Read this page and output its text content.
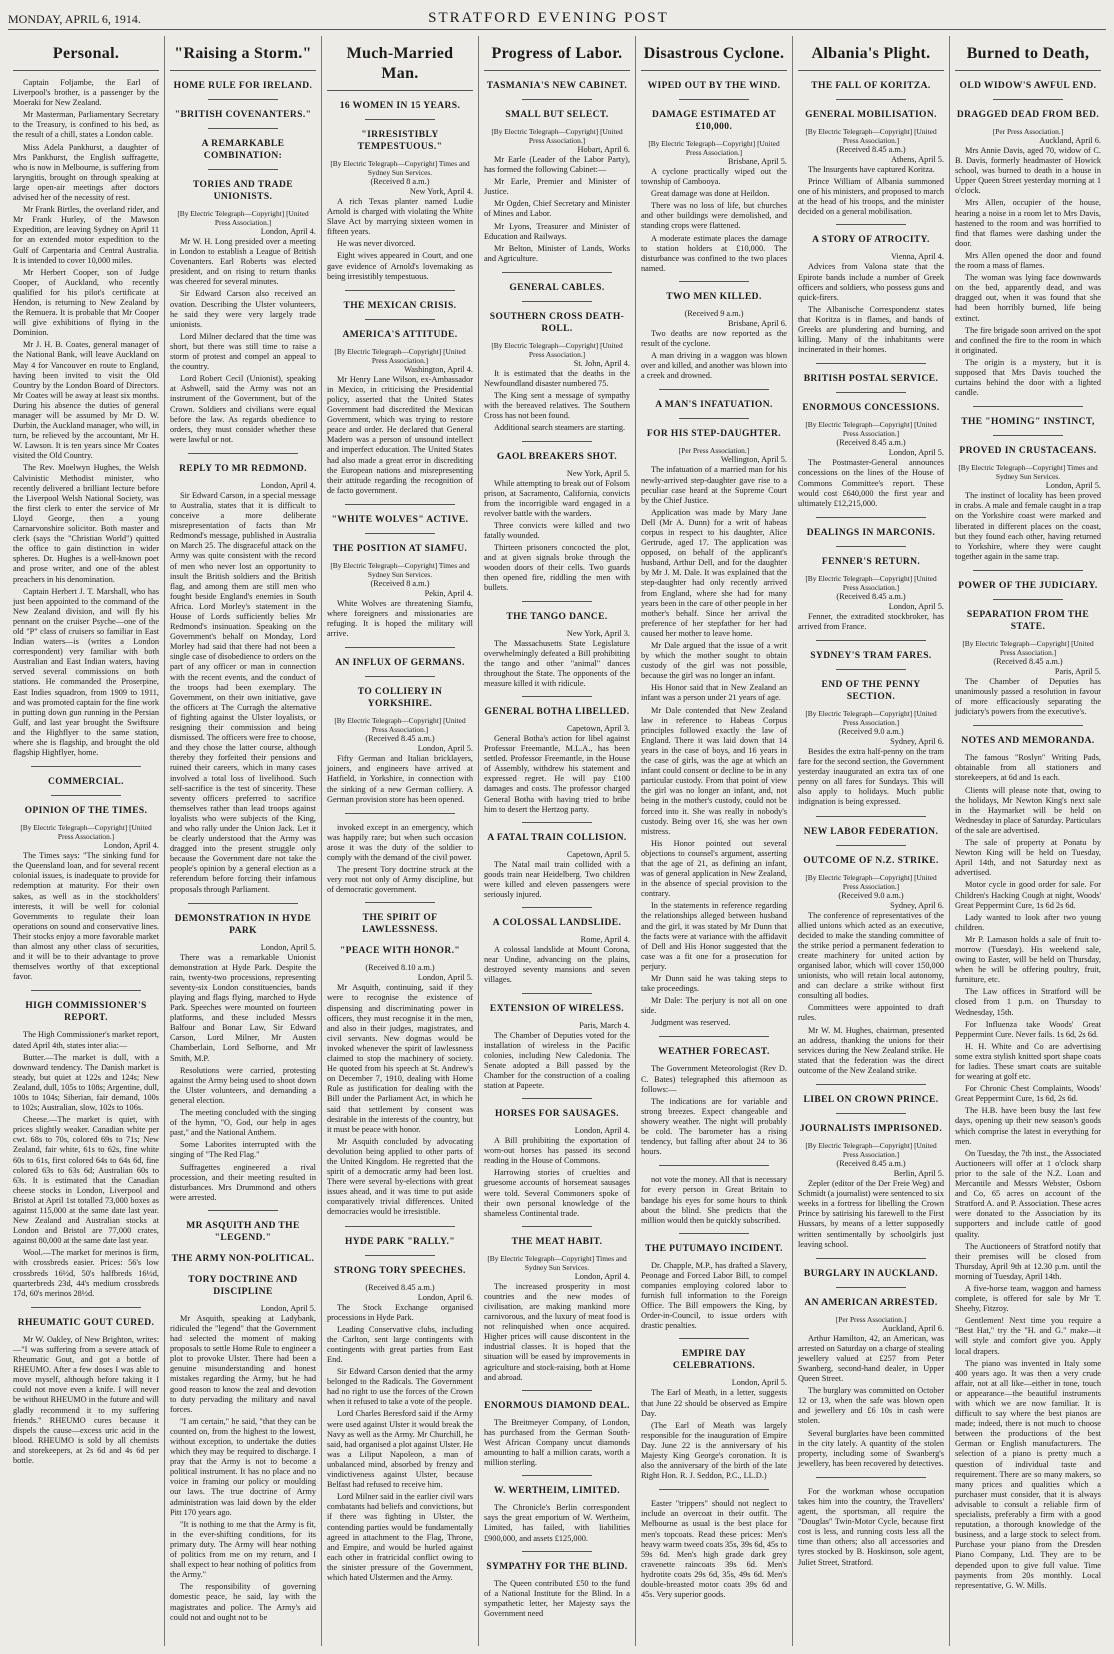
MONDAY, APRIL 6, 1914.	STRATFORD EVENING POST
Personal.
Captain Foljambe, the Earl of Liverpool's brother, is a passenger by the Moeraki for New Zealand.
Mr Masterman, Parliamentary Secretary to the Treasury, is confined to his bed, as the result of a chill, states a London cable.
Miss Adela Pankhurst, a daughter of Mrs Pankhurst, the English suffragette, who is now in Melbourne, is suffering from laryngitis, brought on through speaking at large open-air meetings after doctors advised her of the necessity of rest.
Mr Frank Birtles, the overland rider, and Mr Frank Hurley, of the Mawson Expedition, are leaving Sydney on April 11 for an extended motor expedition to the Gulf of Carpentaria and Central Australia. It is intended to cover 10,000 miles.
Mr Herbert Cooper, son of Judge Cooper, of Auckland, who recently qualified for his pilot's certificate at Hendon, is returning to New Zealand by the Remuera. It is probable that Mr Cooper will give exhibitions of flying in the Dominion.
Mr J. H. B. Coates, general manager of the National Bank, will leave Auckland on May 4 for Vancouver en route to England, having been invited to visit the Old Country by the London Board of Directors. Mr Coates will be away at least six months. During his absence the duties of general manager will be assumed by Mr D. W. Durbin, the Auckland manager, who will, in turn, be relieved by the accountant, Mr H. W. Lawson. It is ten years since Mr Coates visited the Old Country.
The Rev. Moelwyn Hughes, the Welsh Calvinistic Methodist minister, who recently delivered a brilliant lecture before the Liverpool Welsh National Society, was the first clerk to enter the service of Mr Lloyd George, then a young Carnarvonshire solicitor. Both master and clerk (says the "Christian World") quitted the office to gain distinction in wider spheres. Dr. Hughes is a well-known poet and prose writer, and one of the ablest preachers in his denomination.
Captain Herbert J. T. Marshall, who has just been appointed to the command of the New Zealand division, and will fly his pennant on the cruiser Psyche—one of the old "P" class of cruisers so familiar in East Indian waters—is (writes a London correspondent) very familiar with both Australian and East Indian waters, having served several commissions on both stations. He commanded the Proserpine, East Indies squadron, from 1909 to 1911, and was promoted captain for the fine work in putting down gun running in the Persian Gulf, and last year brought the Swiftsure and the Highflyer to the same station, where she is flagship, and brought the old flagship Highflyer, home.
COMMERCIAL.
OPINION OF THE TIMES.
[By Electric Telegraph—Copyright] [United Press Association.]
London, April 4.
The Times says: "The sinking fund for the Queensland loan, and for several recent colonial issues, is inadequate to provide for redemption at maturity. For their own sakes, as well as in the stockholders' interests, it will be well for colonial Governments to regulate their loan operations on sound and conservative lines. Their stocks enjoy a more favorable market than almost any other class of securities, and it will be to their advantage to prove themselves worthy of that exceptional favor.
HIGH COMMISSIONER'S REPORT.
The High Commissioner's market report, dated April 4th, states inter alia:—
Butter.—The market is dull, with a downward tendency. The Danish market is steady, but quiet at 122s and 124s; New Zealand, dull, 105s to 108s; Argentine, dull, 100s to 104s; Siberian, fair demand, 100s to 102s; Australian, slow, 102s to 106s.
Cheese.—The market is quiet, with prices slightly weaker. Canadian white per cwt. 68s to 70s, colored 69s to 71s; New Zealand, fair white, 61s to 62s, fine white 60s to 61s, first colored 64s to 64s 6d, fine colored 63s to 63s 6d; Australian 60s to 63s. It is estimated that the Canadian cheese stocks in London, Liverpool and Bristol at April 1st totalled 73,000 boxes as against 115,000 at the same date last year. New Zealand and Australian stocks at London and Bristol are 77,000 crates, against 80,000 at the same date last year.
Wool.—The market for merinos is firm, with crossbreds easier. Prices: 56's low crossbreds 16½d, 50's halfbreds 16½d, quarterbreds 23d, 44's medium crossbreds 17d, 60's merinos 28½d.
RHEUMATIC GOUT CURED.
Mr W. Oakley, of New Brighton, writes:—"I was suffering from a severe attack of Rheumatic Gout, and got a bottle of RHEUMO. After a few doses I was able to move myself, although before taking it I could not move even a knife. I will never be without RHEUMO in the future and will gladly recommend it to my suffering friends." RHEUMO cures because it dispels the cause—excess uric acid in the blood. RHEUMO is sold by all chemists and storekeepers, at 2s 6d and 4s 6d per bottle.
"Raising a Storm."
HOME RULE FOR IRELAND.
"BRITISH COVENANTERS."
A REMARKABLE COMBINATION:
TORIES AND TRADE UNIONISTS.
[By Electric Telegraph—Copyright] [United Press Association.]
London, April 4.
Mr W. H. Long presided over a meeting in London to establish a League of British Covenanters. Earl Roberts was elected president, and on rising to return thanks was cheered for several minutes.
Sir Edward Carson also received an ovation. Describing the Ulster volunteers, he said they were very largely trade unionists.
Lord Milner declared that the time was short, but there was still time to raise a storm of protest and compel an appeal to the country.
Lord Robert Cecil (Unionist), speaking at Ashwell, said the Army was not an instrument of the Government, but of the Crown. Soldiers and civilians were equal before the law. As regards obedience to orders, they must consider whether these were lawful or not.
REPLY TO MR REDMOND.
London, April 4.
Sir Edward Carson, in a special message to Australia, states that it is difficult to conceive a more deliberate misrepresentation of facts than Mr Redmond's message, published in Australia on March 25. The disgraceful attack on the Army was quite consistent with the record of men who never lost an opportunity to insult the British soldiers and the British flag, and among them are still men who fought beside England's enemies in South Africa. Lord Morley's statement in the House of Lords sufficiently belies Mr Redmond's insinuation. Speaking on the Government's behalf on Monday, Lord Morley had said that there had not been a single case of disobedience to orders on the part of any officer or man in connection with the recent events, and the conduct of the troops had been exemplary. The Government, on their own initiative, gave the officers at The Curragh the alternative of fighting against the Ulster loyalists, or resigning their commission and being dismissed. The officers were free to choose, and they chose the latter course, although thereby they forfeited their pensions and ruined their careers, which in many cases involved a total loss of livelihood. Such self-sacrifice is the test of sincerity. These seventy officers preferred to sacrifice themselves rather than lead troops against loyalists who were subjects of the King, and who rally under the Union Jack. Let it be clearly understood that the Army was dragged into the present struggle only because the Government dare not take the people's opinion by a general election as a referendum before forcing their infamous proposals through Parliament.
DEMONSTRATION IN HYDE PARK
London, April 5.
There was a remarkable Unionist demonstration at Hyde Park. Despite the rain, twenty-two processions, representing seventy-six London constituencies, bands playing and flags flying, marched to Hyde Park. Speeches were mounted on fourteen platforms, and these included Messrs Balfour and Bonar Law, Sir Edward Carson, Lord Milner, Mr Austen Chamberlain, Lord Selborne, and Mr Smith, M.P.
Resolutions were carried, protesting against the Army being used to shoot down the Ulster volunteers, and demanding a general election.
The meeting concluded with the singing of the hymn, "O, God, our help in ages past," and the National Anthem.
Some Laborites interrupted with the singing of "The Red Flag."
Suffragettes engineered a rival procession, and their meeting resulted in disturbances. Mrs Drummond and others were arrested.
MR ASQUITH AND THE "LEGEND."
THE ARMY NON-POLITICAL.
TORY DOCTRINE AND DISCIPLINE
London, April 5.
Mr Asquith, speaking at Ladybank, ridiculed the "legend" that the Government had selected the moment of making proposals to settle Home Rule to engineer a plot to provoke Ulster. There had been a genuine misunderstanding and honest mistakes regarding the Army, but he had good reason to know the zeal and devotion to duty pervading the military and naval forces.
"I am certain," he said, "that they can be counted on, from the highest to the lowest, without exception, to undertake the duties which they may be required to discharge. I pray that the Army is not to become a political instrument. It has no place and no voice in framing our policy or moulding our laws. The true doctrine of Army administration was laid down by the elder Pitt 170 years ago.
"It is nothing to me that the Army is fit, in the ever-shifting conditions, for its primary duty. The Army will hear nothing of politics from me on my return, and I shall expect to hear nothing of politics from the Army."
The responsibility of governing domestic peace, he said, lay with the magistrates and police. The Army's aid could not and ought not to be
Much-Married Man.
16 WOMEN IN 15 YEARS.
"IRRESISTIBLY TEMPESTUOUS."
[By Electric Telegraph—Copyright] Times and Sydney Sun Services.
(Received 8 a.m.)
New York, April 4.
A rich Texas planter named Ludie Arnold is charged with violating the White Slave Act by marrying sixteen women in fifteen years.
He was never divorced.
Eight wives appeared in Court, and one gave evidence of Arnold's lovemaking as being irresistibly tempestuous.
THE MEXICAN CRISIS.
AMERICA'S ATTITUDE.
[By Electric Telegraph—Copyright] [United Press Association.]
Washington, April 4.
Mr Henry Lane Wilson, ex-Ambassador in Mexico, in criticising the Presidential policy, asserted that the United States Government had discredited the Mexican Government, which was trying to restore peace and order. He declared that General Madero was a person of unsound intellect and imperfect education. The United States had also made a great error in discrediting the European nations and misrepresenting their attitude regarding the recognition of de facto government.
"WHITE WOLVES" ACTIVE.
THE POSITION AT SIAMFU.
[By Electric Telegraph—Copyright] Times and Sydney Sun Services.
(Received 8 a.m.)
Pekin, April 4.
White Wolves are threatening Siamfu, where foreigners and missionaries are refuging. It is hoped the military will arrive.
AN INFLUX OF GERMANS.
TO COLLIERY IN YORKSHIRE.
[By Electric Telegraph—Copyright] [United Press Association.]
(Received 8.45 a.m.)
London, April 5.
Fifty German and Italian bricklayers, joiners, and engineers have arrived at Hatfield, in Yorkshire, in connection with the sinking of a new German colliery. A German provision store has been opened.
invoked except in an emergency, which was happily rare; but when such occasion arose it was the duty of the soldier to comply with the demand of the civil power.
The present Tory doctrine struck at the very root not only of Army discipline, but of democratic government.
THE SPIRIT OF LAWLESSNESS.
"PEACE WITH HONOR."
(Received 8.10 a.m.)
London, April 5.
Mr Asquith, continuing, said if they were to recognise the existence of dispensing and discriminating power in officers, they must recognise it in the men, and also in their judges, magistrates, and civil servants. New dogmas would be invoked whenever the spirit of lawlessness claimed to stop the machinery of society. He quoted from his speech at St. Andrew's on December 7, 1910, dealing with Home Rule as justification for dealing with the Bill under the Parliament Act, in which he said that settlement by consent was desirable in the interests of the country, but it must be peace with honor.
Mr Asquith concluded by advocating devolution being applied to other parts of the United Kingdom. He regretted that the spirit of a democratic army had been lost. There were several by-elections with great issues ahead, and it was time to put aside comparatively trivial differences. United democracies would be irresistible.
HYDE PARK "RALLY."
STRONG TORY SPEECHES.
(Received 8.45 a.m.)
London, April 6.
The Stock Exchange organised processions in Hyde Park.
Leading Conservative clubs, including the Carlton, sent large contingents with contingents with great parties from East End.
Sir Edward Carson denied that the army belonged to the Radicals. The Government had no right to use the forces of the Crown when it refused to take a vote of the people.
Lord Charles Beresford said if the Army were used against Ulster it would break the Navy as well as the Army. Mr Churchill, he said, had organised a plot against Ulster. He was a Liliput Napoleon, a man of unbalanced mind, absorbed by frenzy and vindictiveness against Ulster, because Belfast had refused to receive him.
Lord Milner said in the earlier civil wars combatants had beliefs and convictions, but if there was fighting in Ulster, the contending parties would be fundamentally agreed in attachment to the Flag, Throne, and Empire, and would be hurled against each other in fratricidal conflict owing to the sinister pressure of the Government, which hated Ulstermen and the Army.
Progress of Labor.
TASMANIA'S NEW CABINET.
SMALL BUT SELECT.
[By Electric Telegraph—Copyright] [United Press Association.]
Hobart, April 6.
Mr Earle (Leader of the Labor Party), has formed the following Cabinet:—
Mr Earle, Premier and Minister of Justice.
Mr Ogden, Chief Secretary and Minister of Mines and Labor.
Mr Lyons, Treasurer and Minister of Education and Railways.
Mr Belton, Minister of Lands, Works and Agriculture.
GENERAL CABLES.
SOUTHERN CROSS DEATH-ROLL.
[By Electric Telegraph—Copyright] [United Press Association.]
St. John, April 4.
It is estimated that the deaths in the Newfoundland disaster numbered 75.
The King sent a message of sympathy with the bereaved relatives. The Southern Cross has not been found.
Additional search steamers are starting.
GAOL BREAKERS SHOT.
New York, April 5.
While attempting to break out of Folsom prison, at Sacramento, California, convicts from the incorrigible ward engaged in a revolver battle with the warders.
Three convicts were killed and two fatally wounded.
Thirteen prisoners concocted the plot, and at given signals broke through the wooden doors of their cells. Two guards then opened fire, riddling the men with bullets.
THE TANGO DANCE.
New York, April 3.
The Massachusetts State Legislature overwhelmingly defeated a Bill prohibiting the tango and other "animal" dances throughout the State. The opponents of the measure killed it with ridicule.
GENERAL BOTHA LIBELLED.
Capetown, April 3.
General Botha's action for libel against Professor Freemantle, M.L.A., has been settled. Professor Freemantle, in the House of Assembly, withdrew his statement and expressed regret. He will pay £100 damages and costs. The professor charged General Botha with having tried to bribe him to desert the Hertzog party.
A FATAL TRAIN COLLISION.
Capetown, April 5.
The Natal mail train collided with a goods train near Heidelberg. Two children were killed and eleven passengers were seriously injured.
A COLOSSAL LANDSLIDE.
Rome, April 4.
A colossal landslide at Mount Corona, near Undine, advancing on the plains, destroyed seventy mansions and seven villages.
EXTENSION OF WIRELESS.
Paris, March 4.
The Chamber of Deputies voted for the installation of wireless in the Pacific colonies, including New Caledonia. The Senate adopted a Bill passed by the Chamber for the construction of a coaling station at Papeete.
HORSES FOR SAUSAGES.
London, April 4.
A Bill prohibiting the exportation of worn-out horses has passed its second reading in the House of Commons.
Harrowing stories of cruelties and gruesome accounts of horsemeat sausages were told. Several Commoners spoke of their own personal knowledge of the shameless Continental trade.
THE MEAT HABIT.
[By Electric Telegraph—Copyright] Times and Sydney Sun Services.
London, April 4.
The increased prosperity in most countries and the new modes of civilisation, are making mankind more carnivorous, and the luxury of meat food is not relinquished when once acquired. Higher prices will cause discontent in the industrial classes. It is hoped that the situation will be eased by improvements in agriculture and stock-raising, both at Home and abroad.
ENORMOUS DIAMOND DEAL.
The Breitmeyer Company, of London, has purchased from the German South-West African Company uncut diamonds amounting to half a million carats, worth a million sterling.
W. WERTHEIM, LIMITED.
The Chronicle's Berlin correspondent says the great emporium of W. Wertheim, Limited, has failed, with liabilities £900,000, and assets £125,000.
SYMPATHY FOR THE BLIND.
The Queen contributed £50 to the fund of a National Institute for the Blind. In a sympathetic letter, her Majesty says the Government need
Disastrous Cyclone.
WIPED OUT BY THE WIND.
DAMAGE ESTIMATED AT £10,000.
[By Electric Telegraph—Copyright] [United Press Association.]
Brisbane, April 5.
A cyclone practically wiped out the township of Cambooya.
Great damage was done at Heildon.
There was no loss of life, but churches and other buildings were demolished, and standing crops were flattened.
A moderate estimate places the damage to station holders at £10,000. The disturbance was confined to the two places named.
TWO MEN KILLED.
(Received 9 a.m.)
Brisbane, April 6.
Two deaths are now reported as the result of the cyclone.
A man driving in a waggon was blown over and killed, and another was blown into a creek and drowned.
A MAN'S INFATUATION.
FOR HIS STEP-DAUGHTER.
[Per Press Association.]
Wellington, April 5.
The infatuation of a married man for his newly-arrived step-daughter gave rise to a peculiar case heard at the Supreme Court by the Chief Justice.
Application was made by Mary Jane Dell (Mr A. Dunn) for a writ of habeas corpus in respect to his daughter, Alice Gertrude, aged 17. The application was opposed, on behalf of the applicant's husband, Arthur Dell, and for the daughter by Mr J. M. Dale. It was explained that the step-daughter had only recently arrived from England, where she had for many years been in the care of other people in her mother's behalf. Since her arrival the preference of her stepfather for her had caused her mother to leave home.
Mr Dale argued that the issue of a writ by which the mother sought to obtain custody of the girl was not possible, because the girl was no longer an infant.
His Honor said that in New Zealand an infant was a person under 21 years of age.
Mr Dale contended that New Zealand law in reference to Habeas Corpus principles followed exactly the law of England. There it was laid down that 14 years in the case of boys, and 16 years in the case of girls, was the age at which an infant could consent or decline to be in any particular custody. From that point of view the girl was no longer an infant, and, not being in the mother's custody, could not be forced into it. She was really in nobody's custody. Being over 16, she was her own mistress.
His Honor pointed out several objections to counsel's argument, asserting that the age of 21, as defining an infant, was of general application in New Zealand, in the absence of special provision to the contrary.
In the statements in reference regarding the relationships alleged between husband and the girl, it was stated by Mr Dunn that the facts were at variance with the affidavit of Dell and His Honor suggested that the case was a fit one for a prosecution for perjury.
Mr Dunn said he was taking steps to take proceedings.
Mr Dale: The perjury is not all on one side.
Judgment was reserved.
WEATHER FORECAST.
The Government Meteorologist (Rev D. C. Bates) telegraphed this afternoon as follows:—
The indications are for variable and strong breezes. Expect changeable and showery weather. The night will probably be cold. The barometer has a rising tendency, but falling after about 24 to 36 hours.
not vote the money. All that is necessary for every person in Great Britain to bandage his eyes for some hours to think about the blind. She predicts that the million would then be quickly subscribed.
THE PUTUMAYO INCIDENT.
Dr. Chapple, M.P., has drafted a Slavery, Peonage and Forced Labor Bill, to compel companies employing colored labor to furnish full information to the Foreign Office. The Bill empowers the King, by Order-in-Council, to issue orders with drastic penalties.
EMPIRE DAY CELEBRATIONS.
London, April 5.
The Earl of Meath, in a letter, suggests that June 22 should be observed as Empire Day.
(The Earl of Meath was largely responsible for the inauguration of Empire Day. June 22 is the anniversary of his Majesty King George's coronation. It is also the anniversary of the birth of the late Right Hon. R. J. Seddon, P.C., LL.D.)
Easter "trippers" should not neglect to include an overcoat in their outfit. The Melbourne as usual is the best place for men's topcoats. Read these prices: Men's heavy warm tweed coats 35s, 39s 6d, 45s to 59s 6d. Men's high grade dark grey cravenette raincoats 39s 6d. Men's hydrotite coats 29s 6d, 35s, 49s 6d. Men's double-breasted motor coats 39s 6d and 45s. Very superior goods.
Albania's Plight.
THE FALL OF KORITZA.
GENERAL MOBILISATION.
[By Electric Telegraph—Copyright] [United Press Association.]
(Received 8.45 a.m.)
Athens, April 5.
The Insurgents have captured Koritza.
Prince William of Albania summoned one of his ministers, and proposed to march at the head of his troops, and the minister decided on a general mobilisation.
A STORY OF ATROCITY.
Vienna, April 4.
Advices from Valona state that the Epirote bands include a number of Greek officers and soldiers, who possess guns and quick-firers.
The Albanische Correspondenz states that Koritza is in flames, and bands of Greeks are plundering and burning, and killing. Many of the inhabitants were incinerated in their homes.
BRITISH POSTAL SERVICE.
ENORMOUS CONCESSIONS.
[By Electric Telegraph—Copyright] [United Press Association.]
(Received 8.45 a.m.)
London, April 5.
The Postmaster-General announces concessions on the lines of the House of Commons Committee's report. These would cost £640,000 the first year and ultimately £12,215,000.
DEALINGS IN MARCONIS.
FENNER'S RETURN.
[By Electric Telegraph—Copyright] [United Press Association.]
(Received 8.45 a.m.)
London, April 5.
Fenner, the extradited stockbroker, has arrived from France.
SYDNEY'S TRAM FARES.
END OF THE PENNY SECTION.
[By Electric Telegraph—Copyright] [United Press Association.]
(Received 9.0 a.m.)
Sydney, April 6.
Besides the extra half-penny on the tram fare for the second section, the Government yesterday inaugurated an extra tax of one penny on all fares for Sundays. This will also apply to holidays. Much public indignation is being expressed.
NEW LABOR FEDERATION.
OUTCOME OF N.Z. STRIKE.
[By Electric Telegraph—Copyright] [United Press Association.]
(Received 9.0 a.m.)
Sydney, April 6.
The conference of representatives of the allied unions which acted as an executive, decided to make the standing committee of the strike period a permanent federation to create machinery for united action by organised labor, which will cover 150,000 unionists, who will retain local autonomy, and can declare a strike without first consulting all bodies.
Committees were appointed to draft rules.
Mr W. M. Hughes, chairman, presented an address, thanking the unions for their services during the New Zealand strike. He stated that the federation was the direct outcome of the New Zealand strike.
LIBEL ON CROWN PRINCE.
JOURNALISTS IMPRISONED.
[By Electric Telegraph—Copyright] [United Press Association.]
(Received 8.45 a.m.)
Berlin, April 5.
Zepler (editor of the Der Freie Weg) and Schmidt (a journalist) were sentenced to six weeks in a fortress for libelling the Crown Prince by satirising his farewell to the First Hussars, by means of a letter supposedly written sentimentally by schoolgirls just leaving school.
BURGLARY IN AUCKLAND.
AN AMERICAN ARRESTED.
[Per Press Association.]
Auckland, April 6.
Arthur Hamilton, 42, an American, was arrested on Saturday on a charge of stealing jewellery valued at £257 from Peter Swanberg, second-hand dealer, in Upper Queen Street.
The burglary was committed on October 12 or 13, when the safe was blown open and jewellery and £6 10s in cash were stolen.
Several burglaries have been committed in the city lately. A quantity of the stolen property, including some of Swanberg's jewellery, has been recovered by detectives.
For the workman whose occupation takes him into the country, the Travellers' agent, the sportsman, all require the "Douglas" Twin-Motor Cycle, because first cost is less, and running costs less all the time than others; also all accessories and tyres stocked by B. Hoskinson, sole agent, Juliet Street, Stratford.
Burned to Death,
OLD WIDOW'S AWFUL END.
DRAGGED DEAD FROM BED.
[Per Press Association.]
Auckland, April 6.
Mrs Annie Davis, aged 70, widow of C. B. Davis, formerly headmaster of Howick school, was burned to death in a house in Upper Queen Street yesterday morning at 1 o'clock.
Mrs Allen, occupier of the house, hearing a noise in a room let to Mrs Davis, hastened to the room and was horrified to find that flames were dashing under the door.
Mrs Allen opened the door and found the room a mass of flames.
The woman was lying face downwards on the bed, apparently dead, and was dragged out, when it was found that she had been horribly burned, life being extinct.
The fire brigade soon arrived on the spot and confined the fire to the room in which it originated.
The origin is a mystery, but it is supposed that Mrs Davis touched the curtains behind the door with a lighted candle.
THE "HOMING" INSTINCT,
PROVED IN CRUSTACEANS.
[By Electric Telegraph—Copyright] Times and Sydney Sun Services.
London, April 5.
The instinct of locality has been proved in crabs. A male and female caught in a trap on the Yorkshire coast were marked and liberated in different places on the coast, but they found each other, having returned to Yorkshire, where they were caught together again in the same trap.
POWER OF THE JUDICIARY.
SEPARATION FROM THE STATE.
[By Electric Telegraph—Copyright] [United Press Association.]
(Received 8.45 a.m.)
Paris, April 5.
The Chamber of Deputies has unanimously passed a resolution in favour of more efficaciously separating the judiciary's powers from the executive's.
NOTES AND MEMORANDA.
The famous "Roslyn" Writing Pads, obtainable from all stationers and storekeepers, at 6d and 1s each.
Clients will please note that, owing to the holidays, Mr Newton King's next sale in the Haymarket will be held on Wednesday in place of Saturday. Particulars of the sale are advertised.
The sale of property at Ponatu by Newton King will be held on Tuesday, April 14th, and not Saturday next as advertised.
Motor cycle in good order for sale. For Children's Hacking Cough at night, Woods' Great Peppermint Cure, 1s 6d 2s 6d.
Lady wanted to look after two young children.
Mr P. Lamason holds a sale of fruit to-morrow (Tuesday). His weekend sale, owing to Easter, will be held on Thursday, when he will be offering poultry, fruit, furniture, etc.
The Law offices in Stratford will be closed from 1 p.m. on Thursday to Wednesday, 15th.
For Influenza take Woods' Great Peppermint Cure. Never fails. 1s 6d, 2s 6d.
H. H. White and Co are advertising some extra stylish knitted sport shape coats for ladies. These smart coats are suitable for wearing at golf etc.
For Chronic Chest Complaints, Woods' Great Peppermint Cure, 1s 6d, 2s 6d.
The H.B. have been busy the last few days, opening up their new season's goods which comprise the latest in everything for men.
On Tuesday, the 7th inst., the Associated Auctioneers will offer at 1 o'clock sharp prior to the sale of the N.Z. Loan and Mercantile and Messrs Webster, Osborn and Co, 65 acres on account of the Stratford A. and P. Association. These acres were donated to the Association by its supporters and include cattle of good quality.
The Auctioneers of Stratford notify that their premises will be closed from Thursday, April 9th at 12.30 p.m. until the morning of Tuesday, April 14th.
A five-horse team, waggon and harness complete, is offered for sale by Mr T. Sheehy, Fitzroy.
Gentlemen! Next time you require a "Best Hat," try the "H. and G." make—it will style and comfort give you. Apply local drapers.
The piano was invented in Italy some 400 years ago. It was then a very crude affair, not at all like—either in tone, touch or appearance—the beautiful instruments with which we are now familiar. It is difficult to say where the best pianos are made; indeed, there is not much to choose between the productions of the best German or English manufacturers. The selection of a piano is pretty much a question of individual taste and requirement. There are so many makers, so many prices and qualities which a purchaser must consider, that it is always advisable to consult a reliable firm of specialists, preferably a firm with a good reputation, a thorough knowledge of the business, and a large stock to select from. Purchase your piano from the Dresden Piano Company, Ltd. They are to be depended upon to give full value. Time payments from 20s monthly. Local representative, G. W. Mills.
